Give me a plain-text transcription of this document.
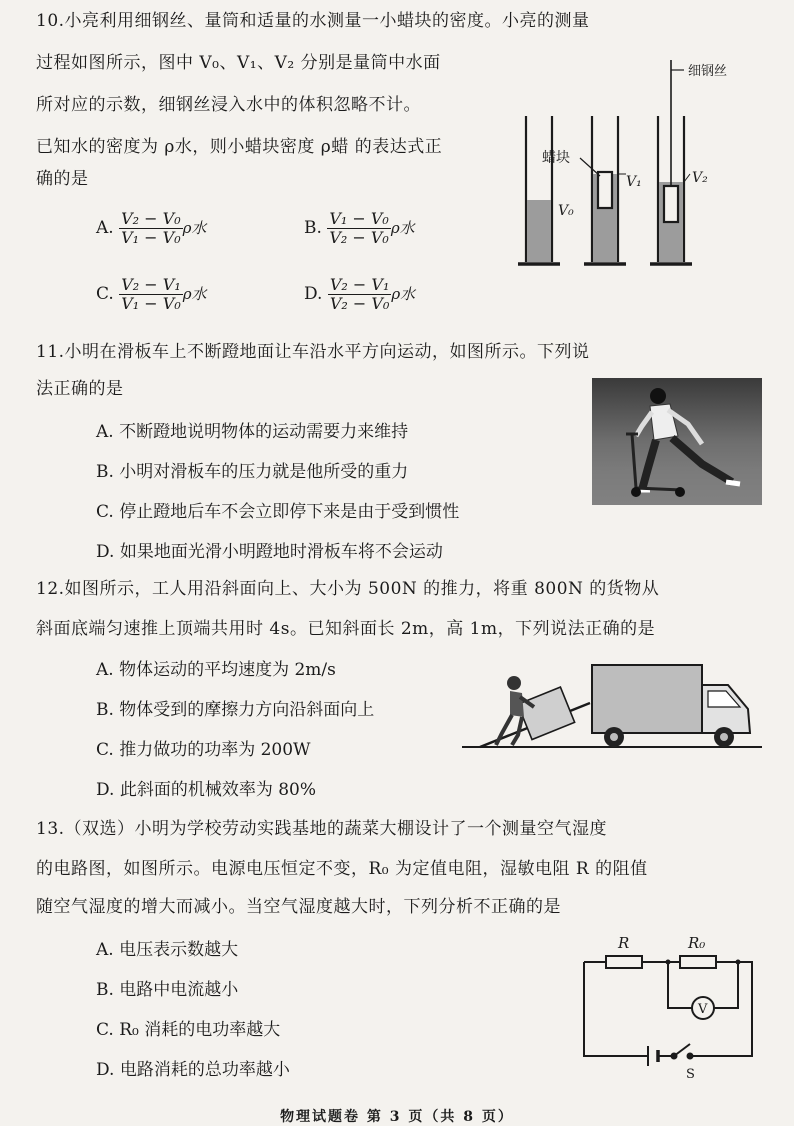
10.小亮利用细钢丝、量筒和适量的水测量一小蜡块的密度。小亮的测量
过程如图所示，图中 V₀、V₁、V₂ 分别是量筒中水面
所对应的示数，细钢丝浸入水中的体积忽略不计。
已知水的密度为 ρ水，则小蜡块密度 ρ蜡 的表达式正
确的是
A. $\frac{\text{V₂ − V₀}}{\text{V₁ − V₀}}$ ρ水	B. $\frac{\text{V₁ − V₀}}{\text{V₂ − V₀}}$ ρ水
C. $\frac{\text{V₂ − V₁}}{\text{V₁ − V₀}}$ ρ水	D. $\frac{\text{V₂ − V₁}}{\text{V₂ − V₀}}$ ρ水
细钢丝
蜡块
V₀
V₁	V₂
11.小明在滑板车上不断蹬地面让车沿水平方向运动，如图所示。下列说
法正确的是
A. 不断蹬地说明物体的运动需要力来维持
B. 小明对滑板车的压力就是他所受的重力
C. 停止蹬地后车不会立即停下来是由于受到惯性
D. 如果地面光滑小明蹬地时滑板车将不会运动
12.如图所示，工人用沿斜面向上、大小为 500N 的推力，将重 800N 的货物从
斜面底端匀速推上顶端共用时 4s。已知斜面长 2m，高 1m，下列说法正确的是
A. 物体运动的平均速度为 2m/s
B. 物体受到的摩擦力方向沿斜面向上
C. 推力做功的功率为 200W
D. 此斜面的机械效率为 80%
13.（双选）小明为学校劳动实践基地的蔬菜大棚设计了一个测量空气湿度
的电路图，如图所示。电源电压恒定不变，R₀ 为定值电阻，湿敏电阻 R 的阻值
随空气湿度的增大而减小。当空气湿度越大时，下列分析不正确的是
A. 电压表示数越大
B. 电路中电流越小
C. R₀ 消耗的电功率越大
D. 电路消耗的总功率越小
R	R₀
V
S
物理试题卷 第 3 页（共 8 页）
